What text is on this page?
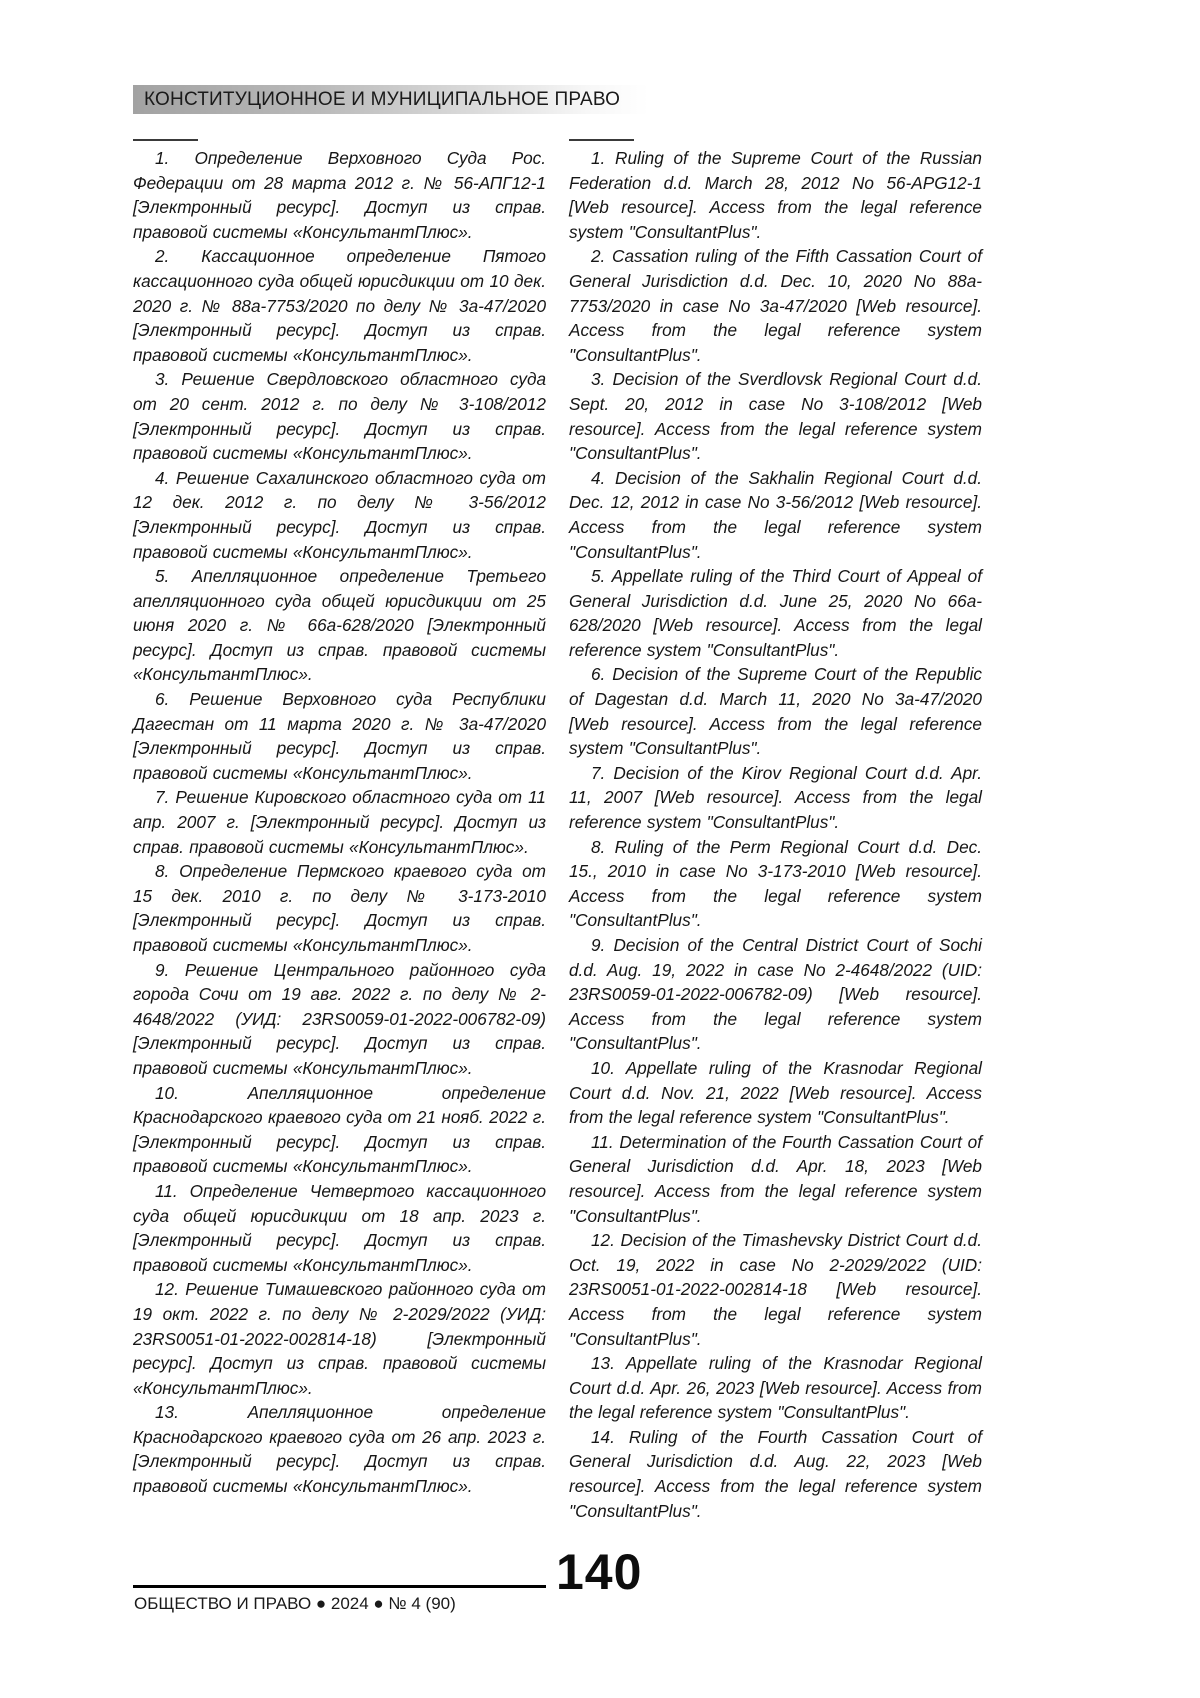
КОНСТИТУЦИОННОЕ И МУНИЦИПАЛЬНОЕ ПРАВО

1. Определение Верховного Суда Рос. Федерации от 28 марта 2012 г. № 56-АПГ12-1 [Электронный ресурс]. Доступ из справ. правовой системы «КонсультантПлюс».

2. Кассационное определение Пятого кассационного суда общей юрисдикции от 10 дек. 2020 г. № 88а-7753/2020 по делу № 3а-47/2020 [Электронный ресурс]. Доступ из справ. правовой системы «КонсультантПлюс».

3. Решение Свердловского областного суда от 20 сент. 2012 г. по делу № 3-108/2012 [Электронный ресурс]. Доступ из справ. правовой системы «КонсультантПлюс».

4. Решение Сахалинского областного суда от 12 дек. 2012 г. по делу № 3-56/2012 [Электронный ресурс]. Доступ из справ. правовой системы «КонсультантПлюс».

5. Апелляционное определение Третьего апелляционного суда общей юрисдикции от 25 июня 2020 г. № 66а-628/2020 [Электронный ресурс]. Доступ из справ. правовой системы «КонсультантПлюс».

6. Решение Верховного суда Республики Дагестан от 11 марта 2020 г. № 3а-47/2020 [Электронный ресурс]. Доступ из справ. правовой системы «КонсультантПлюс».

7. Решение Кировского областного суда от 11 апр. 2007 г. [Электронный ресурс]. Доступ из справ. правовой системы «КонсультантПлюс».

8. Определение Пермского краевого суда от 15 дек. 2010 г. по делу № 3-173-2010 [Электронный ресурс]. Доступ из справ. правовой системы «КонсультантПлюс».

9. Решение Центрального районного суда города Сочи от 19 авг. 2022 г. по делу № 2-4648/2022 (УИД: 23RS0059-01-2022-006782-09) [Электронный ресурс]. Доступ из справ. правовой системы «КонсультантПлюс».

10. Апелляционное определение Краснодарского краевого суда от 21 нояб. 2022 г. [Электронный ресурс]. Доступ из справ. правовой системы «КонсультантПлюс».

11. Определение Четвертого кассационного суда общей юрисдикции от 18 апр. 2023 г. [Электронный ресурс]. Доступ из справ. правовой системы «КонсультантПлюс».

12. Решение Тимашевского районного суда от 19 окт. 2022 г. по делу № 2-2029/2022 (УИД: 23RS0051-01-2022-002814-18) [Электронный ресурс]. Доступ из справ. правовой системы «КонсультантПлюс».

13. Апелляционное определение Краснодарского краевого суда от 26 апр. 2023 г. [Электронный ресурс]. Доступ из справ. правовой системы «КонсультантПлюс».

1. Ruling of the Supreme Court of the Russian Federation d.d. March 28, 2012 No 56-APG12-1 [Web resource]. Access from the legal reference system "ConsultantPlus".

2. Cassation ruling of the Fifth Cassation Court of General Jurisdiction d.d. Dec. 10, 2020 No 88a-7753/2020 in case No 3a-47/2020 [Web resource]. Access from the legal reference system "ConsultantPlus".

3. Decision of the Sverdlovsk Regional Court d.d. Sept. 20, 2012 in case No 3-108/2012 [Web resource]. Access from the legal reference system "ConsultantPlus".

4. Decision of the Sakhalin Regional Court d.d. Dec. 12, 2012 in case No 3-56/2012 [Web resource]. Access from the legal reference system "ConsultantPlus".

5. Appellate ruling of the Third Court of Appeal of General Jurisdiction d.d. June 25, 2020 No 66a-628/2020 [Web resource]. Access from the legal reference system "ConsultantPlus".

6. Decision of the Supreme Court of the Republic of Dagestan d.d. March 11, 2020 No 3a-47/2020 [Web resource]. Access from the legal reference system "ConsultantPlus".

7. Decision of the Kirov Regional Court d.d. Apr. 11, 2007 [Web resource]. Access from the legal reference system "ConsultantPlus".

8. Ruling of the Perm Regional Court d.d. Dec. 15., 2010 in case No 3-173-2010 [Web resource]. Access from the legal reference system "ConsultantPlus".

9. Decision of the Central District Court of Sochi d.d. Aug. 19, 2022 in case No 2-4648/2022 (UID: 23RS0059-01-2022-006782-09) [Web resource]. Access from the legal reference system "ConsultantPlus".

10. Appellate ruling of the Krasnodar Regional Court d.d. Nov. 21, 2022 [Web resource]. Access from the legal reference system "ConsultantPlus".

11. Determination of the Fourth Cassation Court of General Jurisdiction d.d. Apr. 18, 2023 [Web resource]. Access from the legal reference system "ConsultantPlus".

12. Decision of the Timashevsky District Court d.d. Oct. 19, 2022 in case No 2-2029/2022 (UID: 23RS0051-01-2022-002814-18 [Web resource]. Access from the legal reference system "ConsultantPlus".

13. Appellate ruling of the Krasnodar Regional Court d.d. Apr. 26, 2023 [Web resource]. Access from the legal reference system "ConsultantPlus".

14. Ruling of the Fourth Cassation Court of General Jurisdiction d.d. Aug. 22, 2023 [Web resource]. Access from the legal reference system "ConsultantPlus".

140
ОБЩЕСТВО И ПРАВО ● 2024 ● № 4 (90)
